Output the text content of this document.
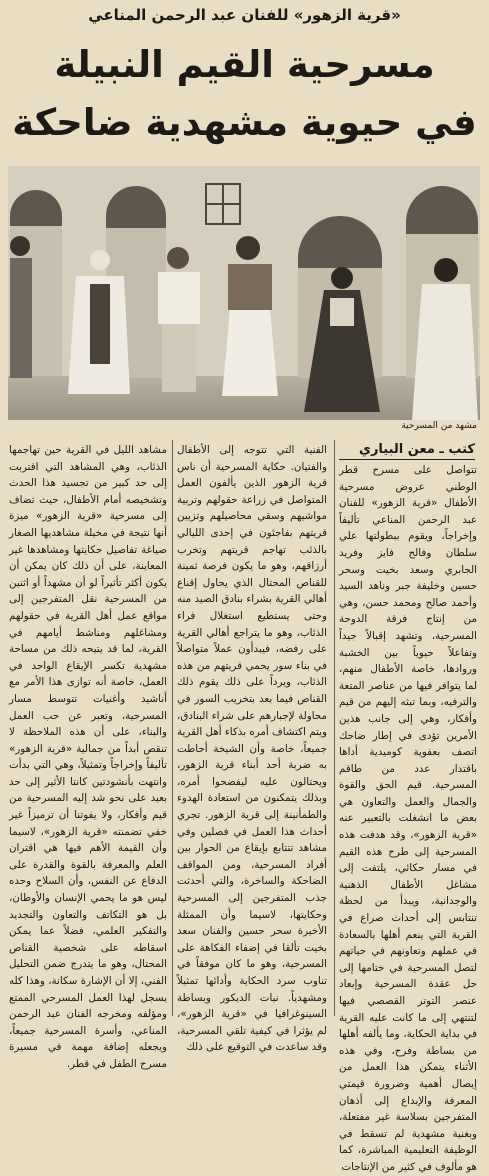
«قرية الزهور» للفنان عبد الرحمن المناعي
مسرحية القيم النبيلة
في حيوية مشهدية ضاحكة
مشهد من المسرحية
كتب ـ معن البياري

تتواصل على مسرح قطر الوطني عروض مسرحية الأطفال «قرية الزهور» للفنان عبد الرحمن المناعي تأليفاً وإخراجاً، ويقوم ببطولتها علي سلطان وفالح فايز وفريد الجابري وسعد بخيت وسحر حسين وخليفة جبر وناهد السيد وأحمد صالح ومحمد حسن، وهي من إنتاج فرقة الدوحة المسرحية، وتشهد إقبالاً جيداً وتفاعلاً حيوياً بين الخشبة وروادها، خاصة الأطفال منهم، لما يتوافر فيها من عناصر المتعة والترفيه، وبما تبثه إليهم من قيم وأفكار، وهي إلى جانب هذين الأمرين تؤدى في إطار ضاحك اتصف بعفوية كوميدية أداها باقتدار عدد من طاقم المسرحية. قيم الحق والقوة والجمال والعمل والتعاون هي بعض ما انشغلت بالتعبير عنه «قرية الزهور»، وقد هدفت هذه المسرحية إلى طرح هذه القيم في مسار حكائي، يلتفت إلى مشاغل الأطفال الذهنية والوجدانية، ويبدأ من لحظة تنتابس إلى أحداث صراع في القرية التي ينعم أهلها بالسعادة في عملهم وتعاونهم في حياتهم لتصل المسرحية في ختامها إلى حل عقدة المسرحية وإبعاد عنصر التوتر القصصي فيها لتنتهي إلى ما كانت عليه القرية في بداية الحكاية، وما يألفه أهلها من بساطة وفرح، وفي هذه الأثناء يتمكن هذا العمل من إيصال أهمية وضرورة قيمتي المعرفة والإبداع إلى أذهان المتفرجين بسلاسة غير مفتعلة، وبغنية مشهدية لم تسقط في الوظيفة التعليمية المباشرة، كما هو مألوف في كثير من الإنتاجات

الفنية التي تتوجه إلى الأطفال والفتيان. حكاية المسرحية أن ناس قرية الزهور الذين يألفون العمل المتواصل في زراعة حقولهم وتربية مواشيهم وسقي محاصيلهم وتزيين قريتهم بفاجئون في إحدى الليالي بالذئب تهاجم قريتهم وتخرب أرزاقهم، وهو ما يكون فرصة ثمينة للقناص المحتال الذي يحاول إقناع أهالي القرية بشراء بنادق الصيد منه وحتى يستطيع استغلال فراء الذئاب، وهو ما يتراجع أهالي القرية على رفضه، فيبدأون عملاً متواصلاً في بناء سور يحمي قريتهم من هذه الذئاب، ويرداً على ذلك يقوم ذلك القناص فيما بعد بتخريب السور في محاولة لإجبارهم على شراء البنادق، ويتم اكتشاف أمره بذكاء أهل القرية جميعاً، خاصة وأن الشيخة أحاطت به ضربة أحد أبناء قرية الزهور، ويحتالون عليه ليفضحوا أمره، وبذلك يتمكنون من استعادة الهدوء والطمأنينة إلى قرية الزهور. تجري أحداث هذا العمل في فصلين وفي مشاهد تتتابع بإيقاع من الحوار بين أفراد المسرحية، ومن المواقف الضاحكة والساخرة، والتي أحدثت جذب المتفرجين إلى المسرحية وحكايتها، لاسيما وأن الممثلة الأخيرة سحر حسين والفنان سعد بخيت تألقا في إضفاء الفكاهة على المسرحية، وهو ما كان موفقاً في تناوب سرد الحكاية وأدائها تمثيلاً ومشهدياً. نبات الديكور وبساطة السينوغرافيا في «قرية الزهور»، لم يؤثرا في كيفية تلقي المسرحية، وقد ساعدت في التوقيع على ذلك

مشاهد الليل في القرية حين تهاجمها الذئاب، وهي المشاهد التي اقتربت إلى حد كبير من تجسيد هذا الحدث وتشخيصه أمام الأطفال، حيث تضاف إلى مسرحية «قرية الزهور» ميزة أنها نتيجة في مخيلة مشاهديها الصغار صياغة تفاصيل حكايتها ومشاهدها غير المعاينة، على أن ذلك كان يمكن أن يكون أكثر تأثيراً لو أن مشهداً أو اثنين من المسرحية نقل المتفرجين إلى مواقع عمل أهل القرية في حقولهم ومشاغلهم ومناشط أيامهم في القرية، لما قد يتيحه ذلك من مساحة مشهدية تكسر الإيقاع الواحد في العمل، خاصة أنه توازى هذا الأمر مع أناشيد وأغنيات تتوسط مسار المسرحية، وتعبر عن حب العمل والبناء، على أن هذه الملاحظة لا تنقص أبداً من جمالية «قرية الزهور» تأليفاً وإخراجاً وتمثيلاً، وهي التي بدأت وانتهت بأنشودتين كانتا الأثير إلى حد بعيد على نحو شد إليه المسرحية من قيم وأفكار، ولا يفوتنا أن ترميزاً غير خفي تضمنته «قرية الزهور»، لاسيما وأن القيمة الأهم فيها هي اقتران العلم والمعرفة بالقوة والقدرة على الدفاع عن النفس، وأن السلاح وحده ليس هو ما يحمي الإنسان والأوطان، بل هو التكاتف والتعاون والتجديد والتفكير العلمي، فضلاً عما يمكن اسقاطه على شخصية القناص المحتال، وهو ما يتدرج ضمن التحليل الفني، إلا أن الإشارة سكانة، وهذا كله يسجل لهذا العمل المسرحي الممتع ومؤلفه ومخرجه الفنان عبد الرحمن المناعي، وأسرة المسرحية جميعاً، ويجعله إضافة مهمة في مسيرة مسرح الطفل في قطر.
